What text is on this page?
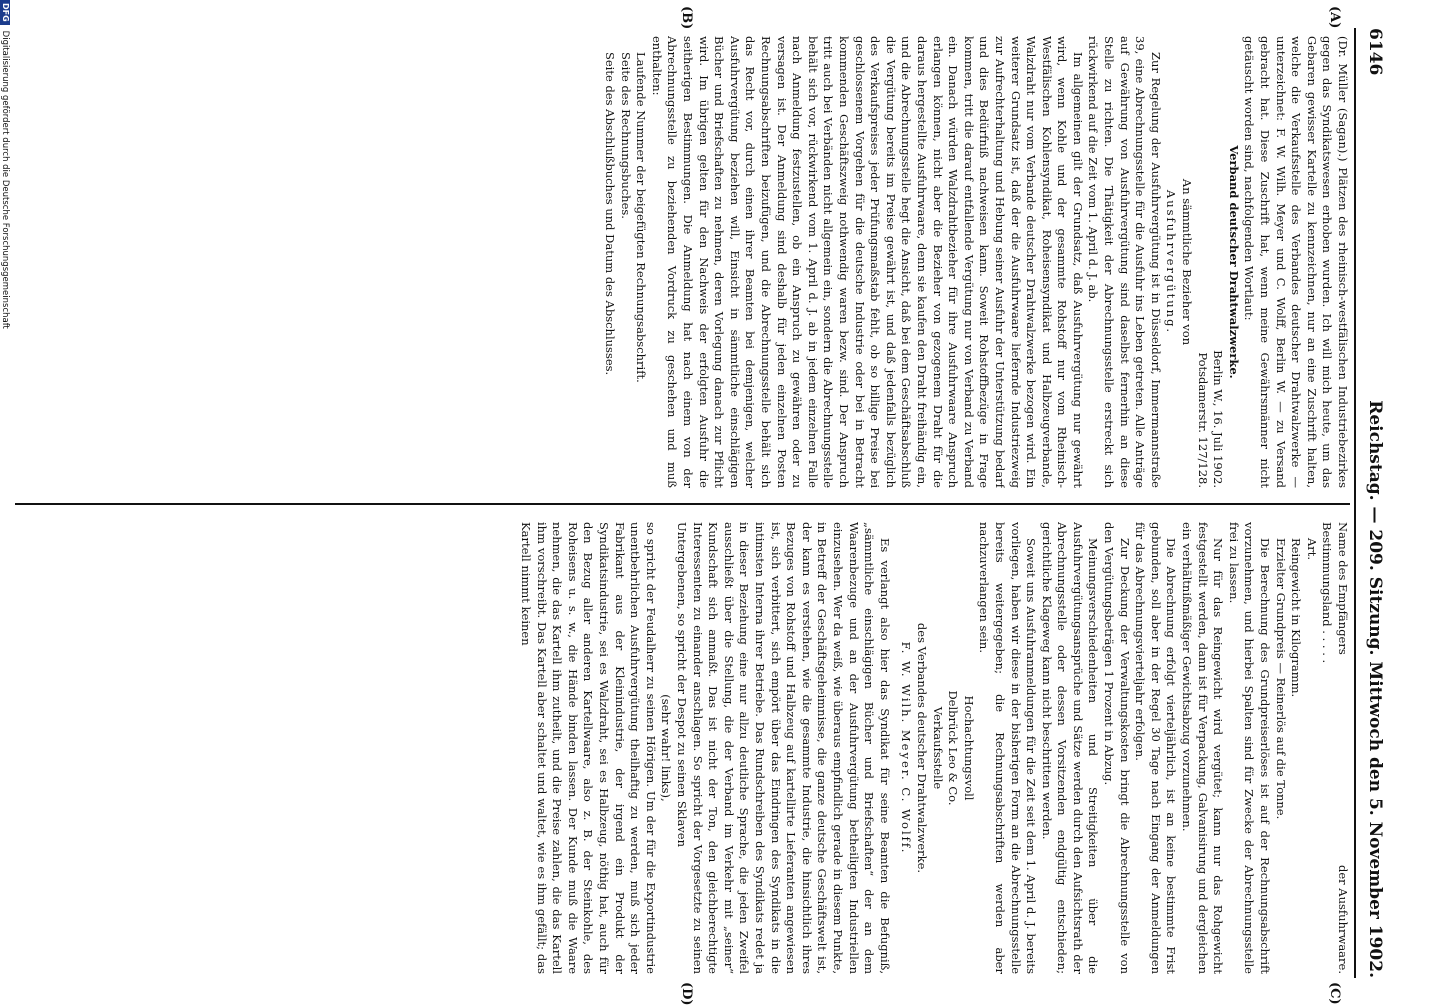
6146
Reichstag. — 209. Sitzung. Mittwoch den 5. November 1902.
(A)
(B)
(C)
(D)

(Dr. Müller (Sagan).) Plätzen des rheinisch-westfälischen Industriebezirkes gegen das Syndikatswesen erhoben wurden. Ich will mich heute, um das Gebaren gewisser Kartelle zu kennzeichnen, nur an eine Zuschrift halten, welche die Verkaufsstelle des Verbandes deutscher Drahtwalzwerke — unterzeichnet: F. W. Wilh. Meyer und C. Wolff, Berlin W. — zu Versand gebracht hat. Diese Zuschrift hat, wenn meine Gewährsmänner nicht getäuscht worden sind, nachfolgenden Wortlaut:

Verband deutscher Drahtwalzwerke.

Berlin W., 16. Juli 1902.

Potsdamerstr. 127/128.

An sämmtliche Bezieher von

Ausfuhrvergütung.

Zur Regelung der Ausfuhrvergütung ist in Düsseldorf, Immermannstraße 39, eine Abrechnungsstelle für die Ausfuhr ins Leben getreten. Alle Anträge auf Gewährung von Ausfuhrvergütung sind daselbst fernerhin an diese Stelle zu richten. Die Thätigkeit der Abrechnungsstelle erstreckt sich rückwirkend auf die Zeit vom 1. April d. J. ab.

Im allgemeinen gilt der Grundsatz, daß Ausfuhrvergütung nur gewährt wird, wenn Kohle und der gesammte Rohstoff nur vom Rheinisch-Westfälischen Kohlensyndikat, Roheisensyndikat und Halbzeugverbande, Walzdraht nur vom Verbande deutscher Drahtwalzwerke bezogen wird. Ein weiterer Grundsatz ist, daß der die Ausfuhrwaare liefernde Industriezweig zur Aufrechterhaltung und Hebung seiner Ausfuhr der Unterstützung bedarf und dies Bedürfniß nachweisen kann. Soweit Rohstoffbezüge in Frage kommen, tritt die darauf entfallende Vergütung nur von Verband zu Verband ein. Danach würden Walzdrahtbezieher für ihre Ausfuhrwaare Anspruch erlangen können, nicht aber die Bezieher von gezogenem Draht für die daraus hergestellte Ausfuhrwaare, denn sie kaufen den Draht freihändig ein, und die Abrechnungsstelle hegt die Ansicht, daß bei dem Geschäftsabschluß die Vergütung bereits im Preise gewährt ist, und daß jedenfalls bezüglich des Verkaufspreises jeder Prüfungsmaßstab fehlt, ob so billige Preise bei geschlossenem Vorgehen für die deutsche Industrie oder bei in Betracht kommenden Geschäftszweig nothwendig waren bezw. sind. Der Anspruch tritt auch bei Verbänden nicht allgemein ein, sondern die Abrechnungsstelle behält sich vor, rückwirkend vom 1. April d. J. ab in jedem einzelnen Falle nach Anmeldung festzustellen, ob ein Anspruch zu gewähren oder zu versagen ist. Der Anmeldung sind deshalb für jeden einzelnen Posten Rechnungsabschriften beizufügen, und die Abrechnungsstelle behält sich das Recht vor, durch einen ihrer Beamten bei demjenigen, welcher Ausfuhrvergütung beziehen will, Einsicht in sämmtliche einschlägigen Bücher und Briefschaften zu nehmen, deren Vorlegung danach zur Pflicht wird. Im übrigen gelten für den Nachweis der erfolgten Ausfuhr die seitherigen Bestimmungen. Die Anmeldung hat nach einem von der Abrechnungsstelle zu beziehenden Vordruck zu geschehen und muß enthalten:

Laufende Nummer der beigefügten Rechnungsabschrift.

Seite des Rechnungsbuches.

Seite des Abschlußbuches und Datum des Abschlusses.

Name des Empfängers
der Ausfuhrwaare.

Bestimmungsland . . . . .

Art.

Reingewicht in Kilogramm.

Erzielter Grundpreis — Reinerlös auf die Tonne.

Die Berechnung des Grundpreiserlöses ist auf der Rechnungsabschrift vorzunehmen, und hierbei Spalten sind für Zwecke der Abrechnungsstelle frei zu lassen.

Nur für das Reingewicht wird vergütet; kann nur das Rohgewicht festgestellt werden, dann ist für Verpackung, Galvanisirung und dergleichen ein verhältnißmäßiger Gewichtsabzug vorzunehmen.

Die Abrechnung erfolgt vierteljährlich, ist an keine bestimmte Frist gebunden, soll aber in der Regel 30 Tage nach Eingang der Anmeldungen für das Abrechnungsvierteljahr erfolgen.

Zur Deckung der Verwaltungskosten bringt die Abrechnungsstelle von den Vergütungsbeträgen 1 Prozent in Abzug.

Meinungsverschiedenheiten und Streitigkeiten über die Ausfuhrvergütungsansprüche und Sätze werden durch den Aufsichtsrath der Abrechnungsstelle oder dessen Vorsitzenden endgültig entschieden; gerichtliche Klageweg kann nicht beschritten werden.

Soweit uns Ausfuhranmeldungen für die Zeit seit dem 1. April d. J. bereits vorliegen, haben wir diese in der bisherigen Form an die Abrechnungsstelle bereits weitergegeben; die Rechnungsabschriften werden aber nachzuverlangen sein.

Hochachtungsvoll

Delbrück Leo & Co.

Verkaufsstelle

des Verbandes deutscher Drahtwalzwerke.

F. W. Wilh. Meyer. C. Wolff.

Es verlangt also hier das Syndikat für seine Beamten die Befugniß, „sämmtliche einschlägigen Bücher und Briefschaften“ der an dem Waarenbezuge und an der Ausfuhrvergütung betheiligten Industriellen einzusehen. Wer da weiß, wie überaus empfindlich gerade in diesem Punkte, in Betreff der Geschäftsgeheimnisse, die ganze deutsche Geschäftswelt ist, der kann es verstehen, wie die gesammte Industrie, die hinsichtlich ihres Bezuges von Rohstoff und Halbzeug auf kartellirte Lieferanten angewiesen ist, sich verbittert, sich empört über das Eindringen des Syndikats in die intimsten Interna ihrer Betriebe. Das Rundschreiben des Syndikats redet ja in dieser Beziehung eine nur allzu deutliche Sprache, die jeden Zweifel ausschließt über die Stellung, die der Verband im Verkehr mit „seiner“ Kundschaft sich anmaßt. Das ist nicht der Ton, den gleichberechtigte Interessenten zu einander anschlagen. So spricht der Vorgesetzte zu seinen Untergebenen, so spricht der Despot zu seinen Sklaven

(sehr wahr! links),

so spricht der Feudalherr zu seinen Hörigen. Um der für die Exportindustrie unentbehrlichen Ausfuhrvergütung theilhaftig zu werden, muß sich jeder Fabrikant aus der Kleinindustrie, der irgend ein Produkt der Syndikatsindustrie, sei es Walzdraht, sei es Halbzeug, nöthig hat, auch für den Bezug aller anderen Kartellwaare, also z. B. der Steinkohle, des Roheisens u. s. w., die Hände binden lassen. Der Kunde muß die Waare nehmen, die das Kartell ihm zutheilt, und die Preise zahlen, die das Kartell ihm vorschreibt. Das Kartell aber schaltet und waltet, wie es ihm gefällt; das Kartell nimmt keinen

DFG
Digitalisierung gefördert durch die Deutsche Forschungsgemeinschaft
